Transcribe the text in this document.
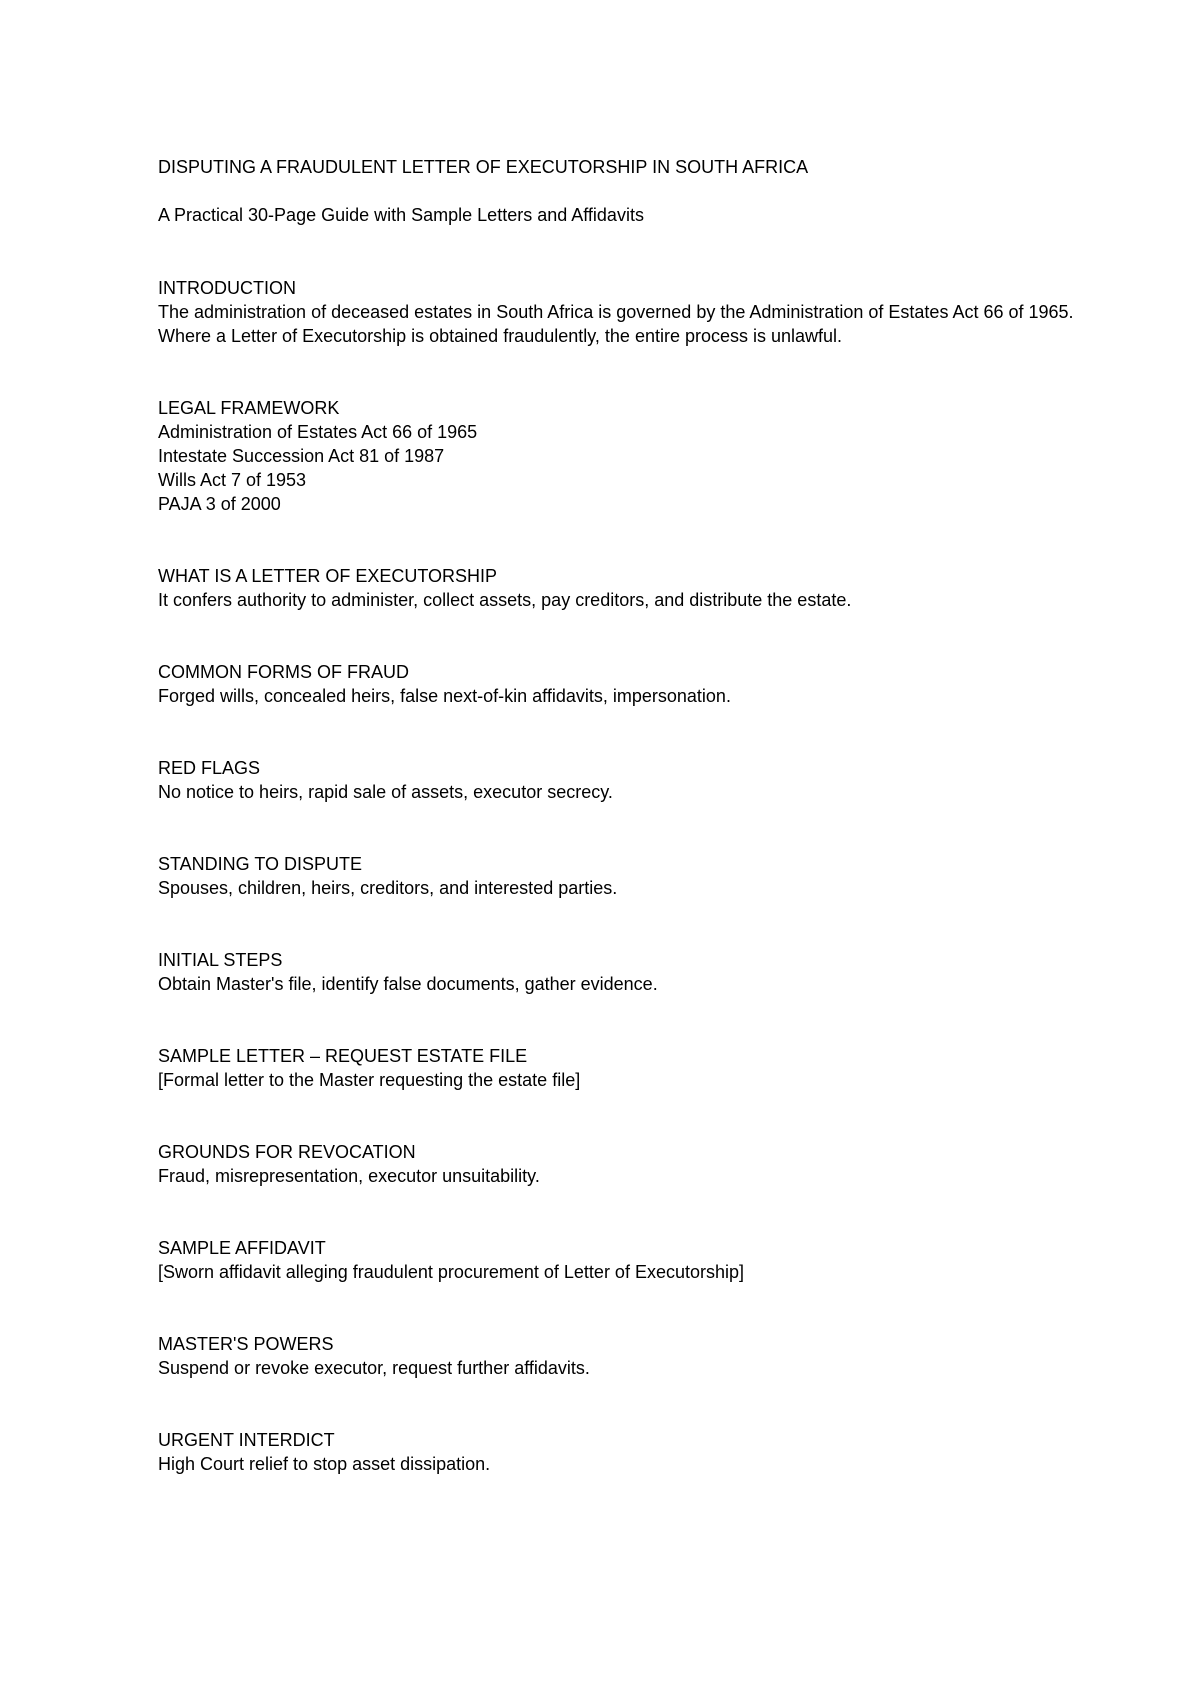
DISPUTING A FRAUDULENT LETTER OF EXECUTORSHIP IN SOUTH AFRICA

A Practical 30-Page Guide with Sample Letters and Affidavits

INTRODUCTION

The administration of deceased estates in South Africa is governed by the Administration of Estates Act 66 of 1965. Where a Letter of Executorship is obtained fraudulently, the entire process is unlawful.

LEGAL FRAMEWORK

Administration of Estates Act 66 of 1965

Intestate Succession Act 81 of 1987

Wills Act 7 of 1953

PAJA 3 of 2000

WHAT IS A LETTER OF EXECUTORSHIP

It confers authority to administer, collect assets, pay creditors, and distribute the estate.

COMMON FORMS OF FRAUD

Forged wills, concealed heirs, false next-of-kin affidavits, impersonation.

RED FLAGS

No notice to heirs, rapid sale of assets, executor secrecy.

STANDING TO DISPUTE

Spouses, children, heirs, creditors, and interested parties.

INITIAL STEPS

Obtain Master's file, identify false documents, gather evidence.

SAMPLE LETTER – REQUEST ESTATE FILE

[Formal letter to the Master requesting the estate file]

GROUNDS FOR REVOCATION

Fraud, misrepresentation, executor unsuitability.

SAMPLE AFFIDAVIT

[Sworn affidavit alleging fraudulent procurement of Letter of Executorship]

MASTER'S POWERS

Suspend or revoke executor, request further affidavits.

URGENT INTERDICT

High Court relief to stop asset dissipation.
